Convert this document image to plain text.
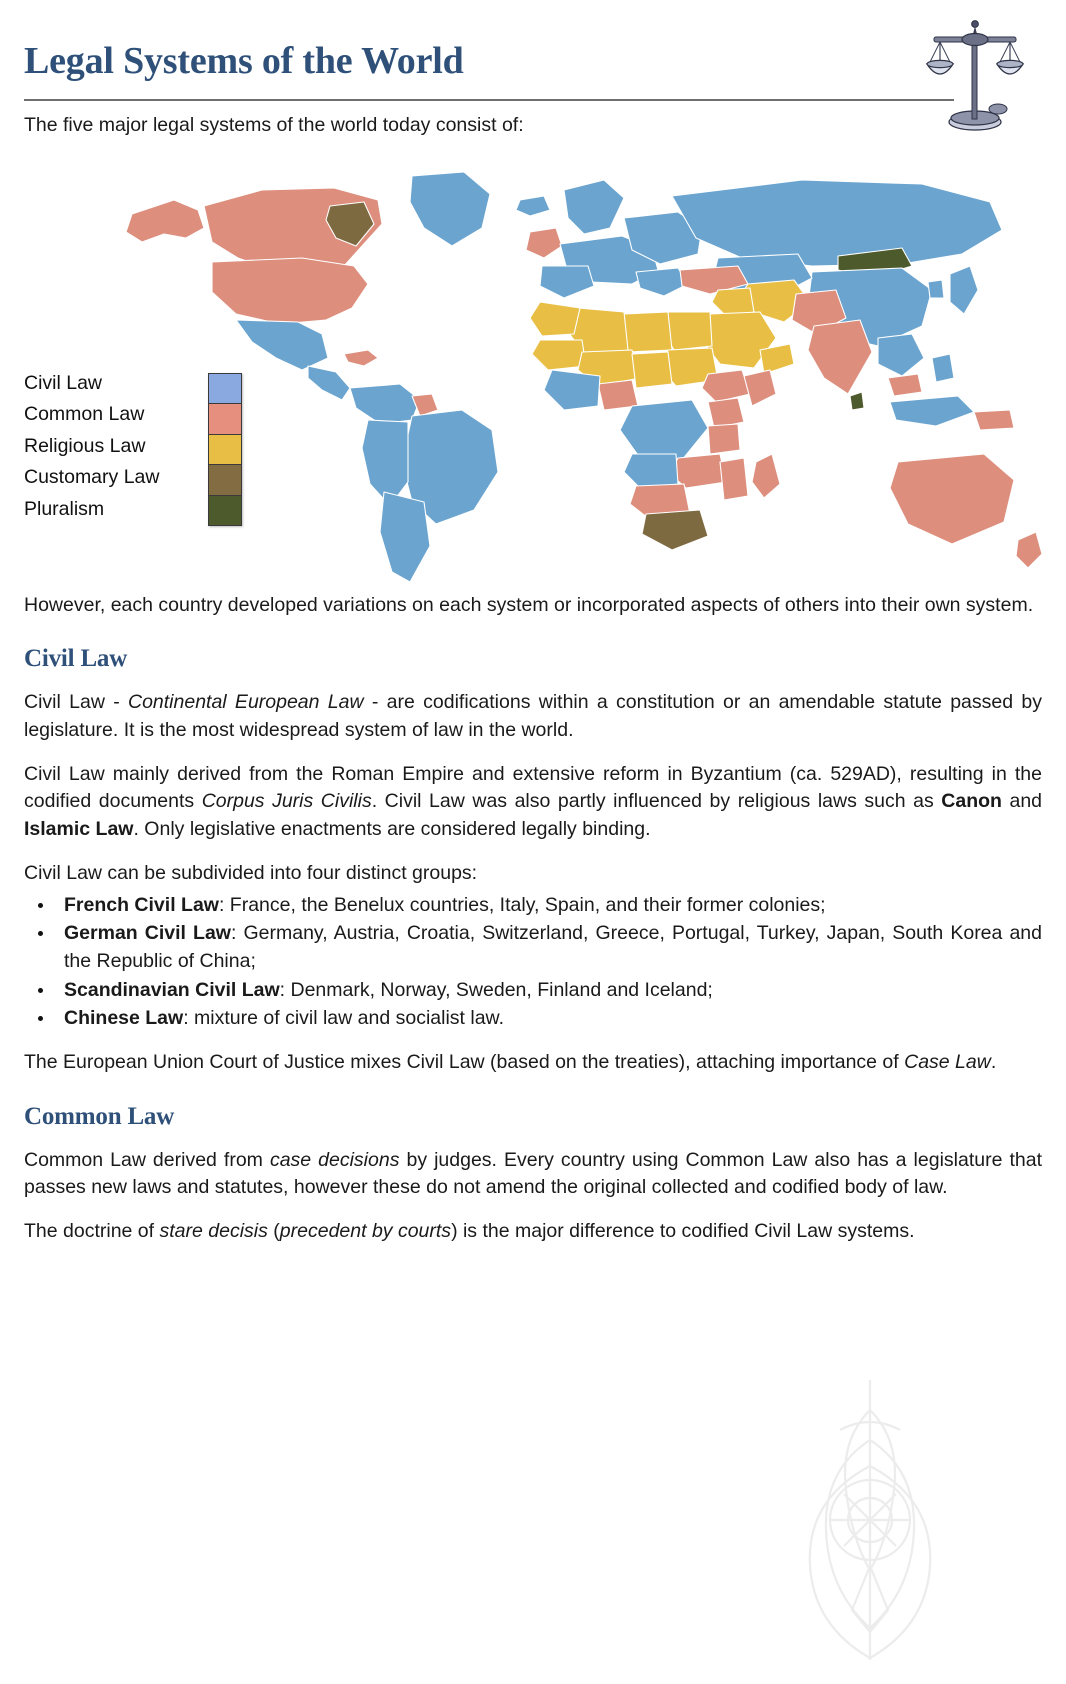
Legal Systems of the World

The five major legal systems of the world today consist of:

Civil Law
Common Law
Religious Law
Customary Law
Pluralism

However, each country developed variations on each system or incorporated aspects of others into their own system.

Civil Law

Civil Law - Continental European Law - are codifications within a constitution or an amendable statute passed by legislature. It is the most widespread system of law in the world.

Civil Law mainly derived from the Roman Empire and extensive reform in Byzantium (ca. 529AD), resulting in the codified documents Corpus Juris Civilis. Civil Law was also partly influenced by religious laws such as Canon and Islamic Law. Only legislative enactments are considered legally binding.

Civil Law can be subdivided into four distinct groups:

French Civil Law: France, the Benelux countries, Italy, Spain, and their former colonies;
German Civil Law: Germany, Austria, Croatia, Switzerland, Greece, Portugal, Turkey, Japan, South Korea and the Republic of China;
Scandinavian Civil Law: Denmark, Norway, Sweden, Finland and Iceland;
Chinese Law: mixture of civil law and socialist law.

The European Union Court of Justice mixes Civil Law (based on the treaties), attaching importance of Case Law.

Common Law

Common Law derived from case decisions by judges. Every country using Common Law also has a legislature that passes new laws and statutes, however these do not amend the original collected and codified body of law.

The doctrine of stare decisis (precedent by courts) is the major difference to codified Civil Law systems.
